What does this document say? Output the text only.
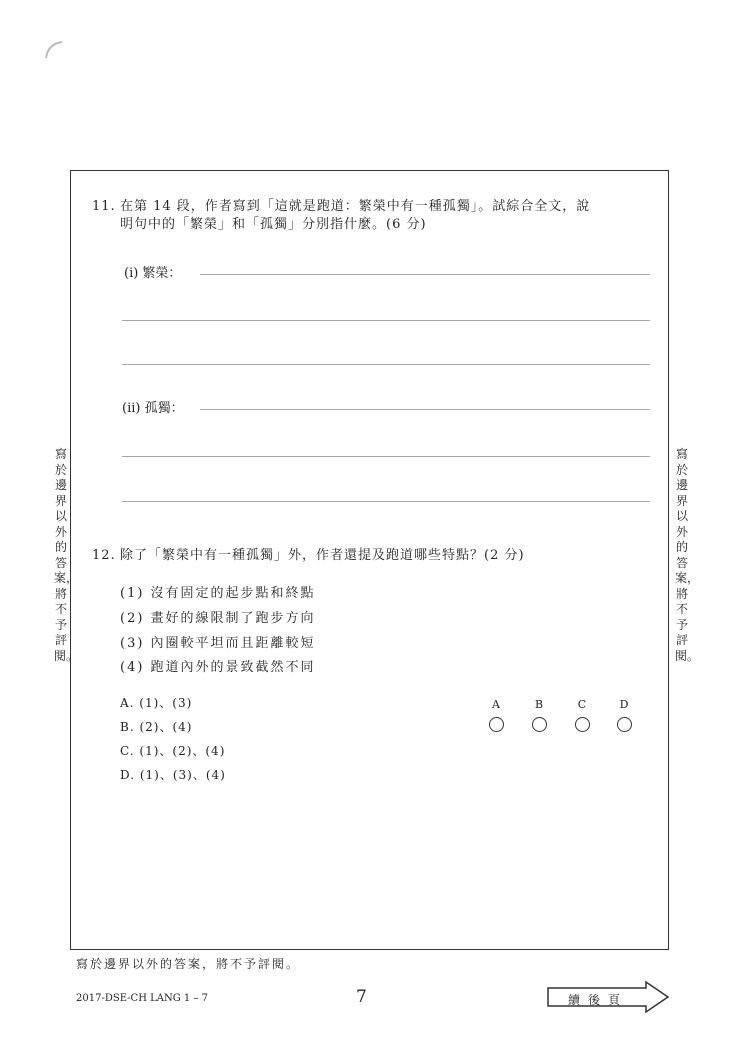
11. 在第 14 段，作者寫到「這就是跑道：繁榮中有一種孤獨」。試綜合全文，說
明句中的「繁榮」和「孤獨」分別指什麼。(6 分)
(i) 繁榮：
(ii) 孤獨：
12. 除了「繁榮中有一種孤獨」外，作者還提及跑道哪些特點？(2 分)
(1) 沒有固定的起步點和終點
(2) 畫好的線限制了跑步方向
(3) 內圈較平坦而且距離較短
(4) 跑道內外的景致截然不同
A. (1)、(3)
B. (2)、(4)
C. (1)、(2)、(4)
D. (1)、(3)、(4)
A	B	C	D
寫於邊界以外的答案，將不予評閱。
寫於邊界以外的答案，將不予評閱。
寫於邊界以外的答案，將不予評閱。
2017-DSE-CH LANG 1 – 7	7	續後頁
